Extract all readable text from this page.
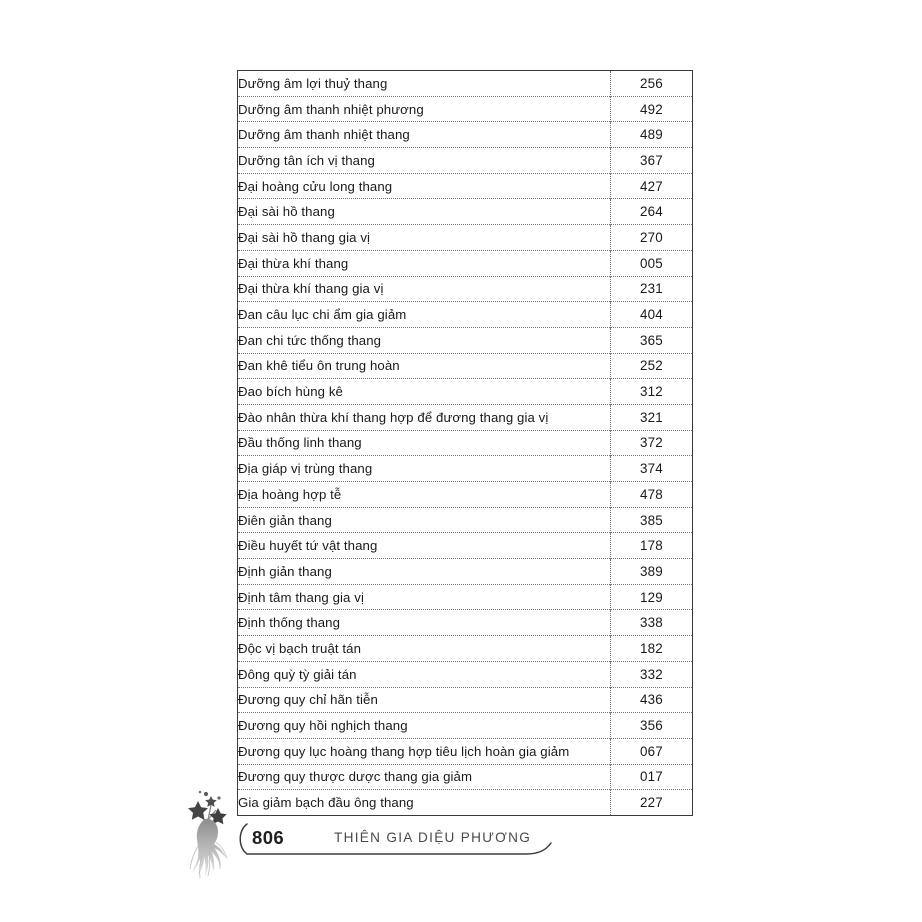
Dưỡng âm lợi thuỷ thang	256
Dưỡng âm thanh nhiệt phương	492
Dưỡng âm thanh nhiệt thang	489
Dưỡng tân ích vị thang	367
Đại hoàng cửu long thang	427
Đại sài hồ thang	264
Đại sài hồ thang gia vị	270
Đại thừa khí thang	005
Đại thừa khí thang gia vị	231
Đan câu lục chi ẩm gia giảm	404
Đan chi tức thống thang	365
Đan khê tiểu ôn trung hoàn	252
Đao bích hùng kê	312
Đào nhân thừa khí thang hợp để đương thang gia vị	321
Đầu thống linh thang	372
Địa giáp vị trùng thang	374
Địa hoàng hợp tễ	478
Điên giản thang	385
Điều huyết tứ vật thang	178
Định giản thang	389
Định tâm thang gia vị	129
Định thống thang	338
Độc vị bạch truật tán	182
Đông quỳ tỳ giải tán	332
Đương quy chỉ hãn tiễn	436
Đương quy hồi nghịch thang	356
Đương quy lục hoàng thang hợp tiêu lịch hoàn gia giảm	067
Đương quy thược dược thang gia giảm	017
Gia giảm bạch đầu ông thang	227
806	THIÊN GIA DIỆU PHƯƠNG
